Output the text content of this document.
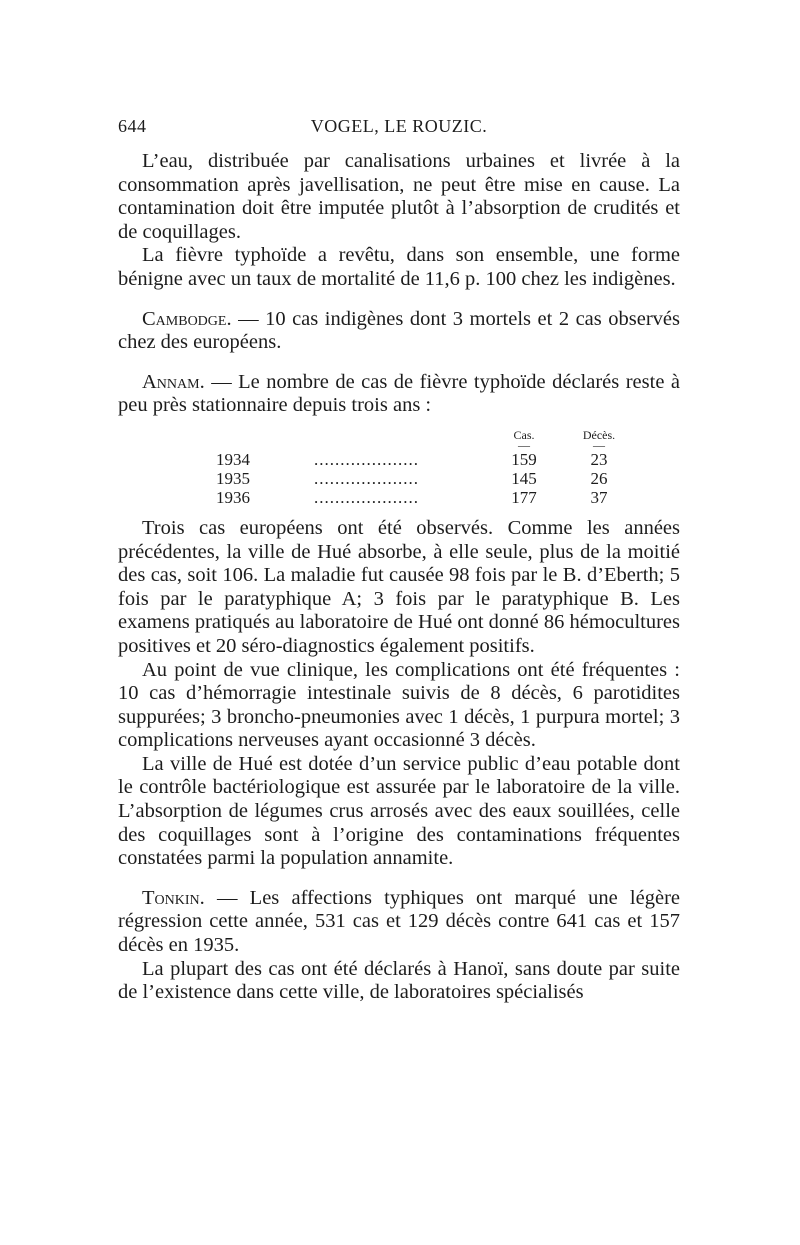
644	VOGEL, LE ROUZIC.

L’eau, distribuée par canalisations urbaines et livrée à la consommation après javellisation, ne peut être mise en cause. La contamination doit être imputée plutôt à l’absorption de crudités et de coquillages.

La fièvre typhoïde a revêtu, dans son ensemble, une forme bénigne avec un taux de mortalité de 11,6 p. 100 chez les indigènes.

Cambodge. — 10 cas indigènes dont 3 mortels et 2 cas observés chez des européens.

Annam. — Le nombre de cas de fièvre typhoïde déclarés reste à peu près stationnaire depuis trois ans :

Cas.	Décès.
—	—
1934	....................	159	23
1935	....................	145	26
1936	....................	177	37

Trois cas européens ont été observés. Comme les années précédentes, la ville de Hué absorbe, à elle seule, plus de la moitié des cas, soit 106. La maladie fut causée 98 fois par le B. d’Eberth; 5 fois par le paratyphique A; 3 fois par le paratyphique B. Les examens pratiqués au laboratoire de Hué ont donné 86 hémocultures positives et 20 séro-diagnostics également positifs.

Au point de vue clinique, les complications ont été fréquentes : 10 cas d’hémorragie intestinale suivis de 8 décès, 6 parotidites suppurées; 3 broncho-pneumonies avec 1 décès, 1 purpura mortel; 3 complications nerveuses ayant occasionné 3 décès.

La ville de Hué est dotée d’un service public d’eau potable dont le contrôle bactériologique est assurée par le laboratoire de la ville. L’absorption de légumes crus arrosés avec des eaux souillées, celle des coquillages sont à l’origine des contaminations fréquentes constatées parmi la population annamite.

Tonkin. — Les affections typhiques ont marqué une légère régression cette année, 531 cas et 129 décès contre 641 cas et 157 décès en 1935.

La plupart des cas ont été déclarés à Hanoï, sans doute par suite de l’existence dans cette ville, de laboratoires spécialisés
